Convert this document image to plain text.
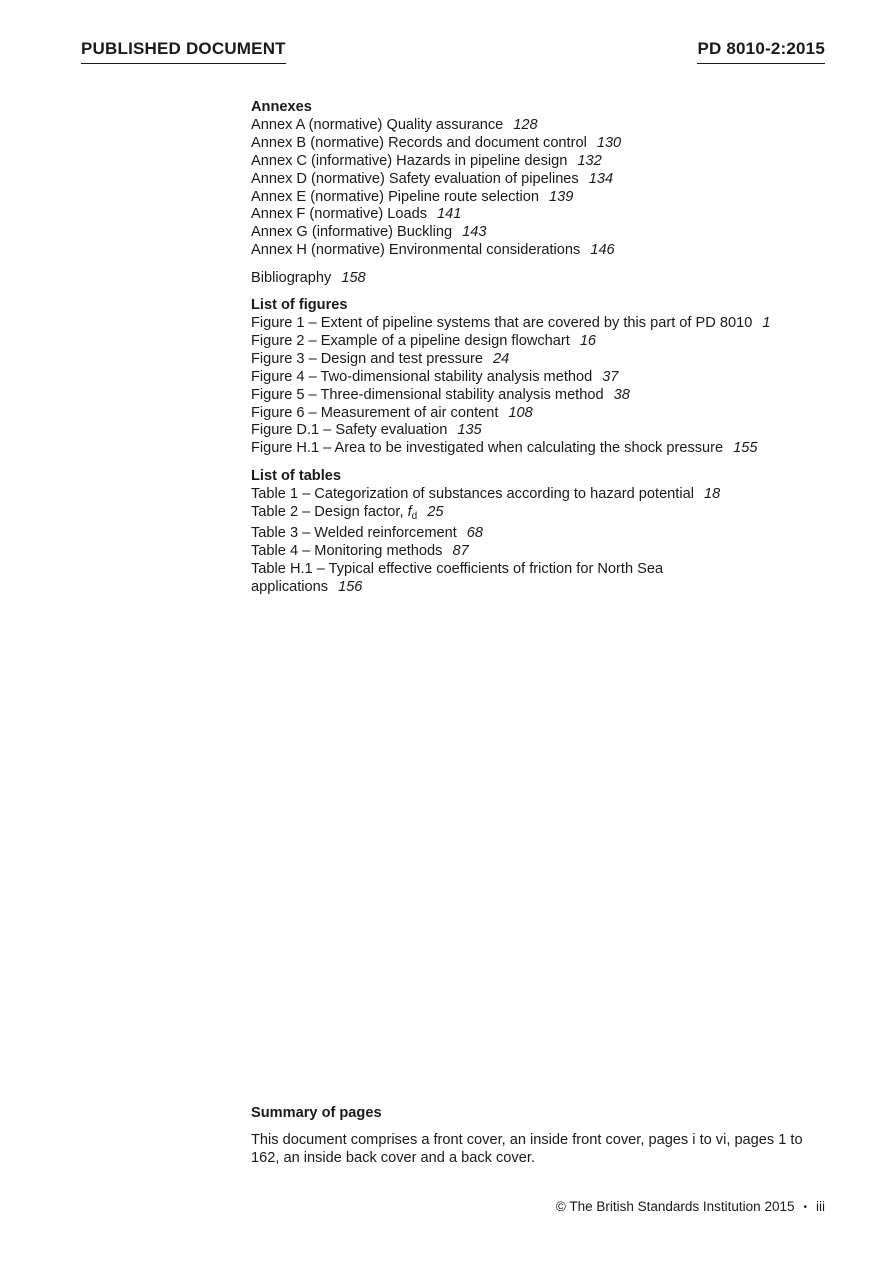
PUBLISHED DOCUMENT	PD 8010-2:2015
Annexes
Annex A (normative) Quality assurance 128
Annex B (normative) Records and document control 130
Annex C (informative) Hazards in pipeline design 132
Annex D (normative) Safety evaluation of pipelines 134
Annex E (normative) Pipeline route selection 139
Annex F (normative) Loads 141
Annex G (informative) Buckling 143
Annex H (normative) Environmental considerations 146
Bibliography 158
List of figures
Figure 1 – Extent of pipeline systems that are covered by this part of PD 8010 1
Figure 2 – Example of a pipeline design flowchart 16
Figure 3 – Design and test pressure 24
Figure 4 – Two-dimensional stability analysis method 37
Figure 5 – Three-dimensional stability analysis method 38
Figure 6 – Measurement of air content 108
Figure D.1 – Safety evaluation 135
Figure H.1 – Area to be investigated when calculating the shock pressure 155
List of tables
Table 1 – Categorization of substances according to hazard potential 18
Table 2 – Design factor, $f_d$ 25
Table 3 – Welded reinforcement 68
Table 4 – Monitoring methods 87
Table H.1 – Typical effective coefficients of friction for North Sea applications 156
Summary of pages
This document comprises a front cover, an inside front cover, pages i to vi, pages 1 to 162, an inside back cover and a back cover.
© The British Standards Institution 2015 • iii
